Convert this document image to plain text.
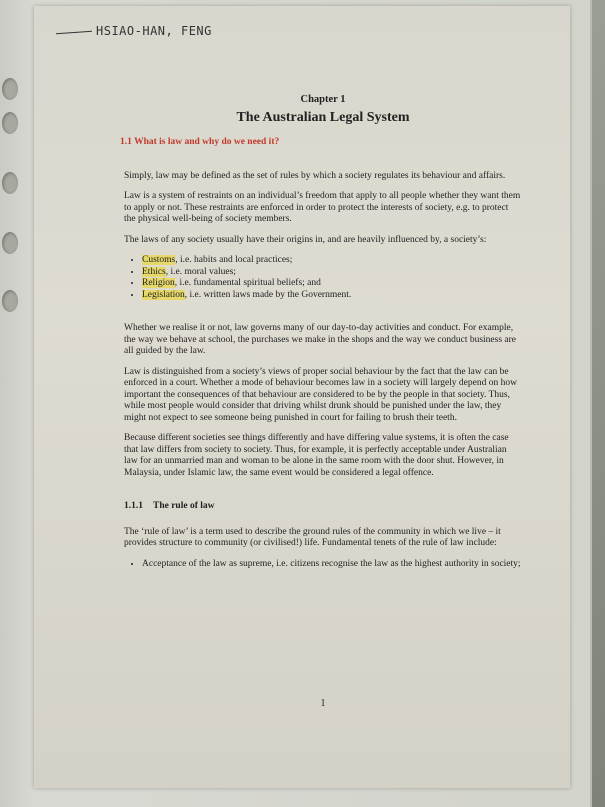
HSIAO-HAN, FENG
Chapter 1
The Australian Legal System
1.1 What is law and why do we need it?

Simply, law may be defined as the set of rules by which a society regulates its behaviour and affairs.

Law is a system of restraints on an individual’s freedom that apply to all people whether they want them to apply or not. These restraints are enforced in order to protect the interests of society, e.g. to protect the physical well-being of society members.

The laws of any society usually have their origins in, and are heavily influenced by, a society’s:

• Customs, i.e. habits and local practices;
• Ethics, i.e. moral values;
• Religion, i.e. fundamental spiritual beliefs; and
• Legislation, i.e. written laws made by the Government.

Whether we realise it or not, law governs many of our day-to-day activities and conduct. For example, the way we behave at school, the purchases we make in the shops and the way we conduct business are all guided by the law.

Law is distinguished from a society’s views of proper social behaviour by the fact that the law can be enforced in a court. Whether a mode of behaviour becomes law in a society will largely depend on how important the consequences of that behaviour are considered to be by the people in that society. Thus, while most people would consider that driving whilst drunk should be punished under the law, they might not expect to see someone being punished in court for failing to brush their teeth.

Because different societies see things differently and have differing value systems, it is often the case that law differs from society to society. Thus, for example, it is perfectly acceptable under Australian law for an unmarried man and woman to be alone in the same room with the door shut. However, in Malaysia, under Islamic law, the same event would be considered a legal offence.

1.1.1 The rule of law

The ‘rule of law’ is a term used to describe the ground rules of the community in which we live – it provides structure to community (or civilised!) life. Fundamental tenets of the rule of law include:

• Acceptance of the law as supreme, i.e. citizens recognise the law as the highest authority in society;
1
